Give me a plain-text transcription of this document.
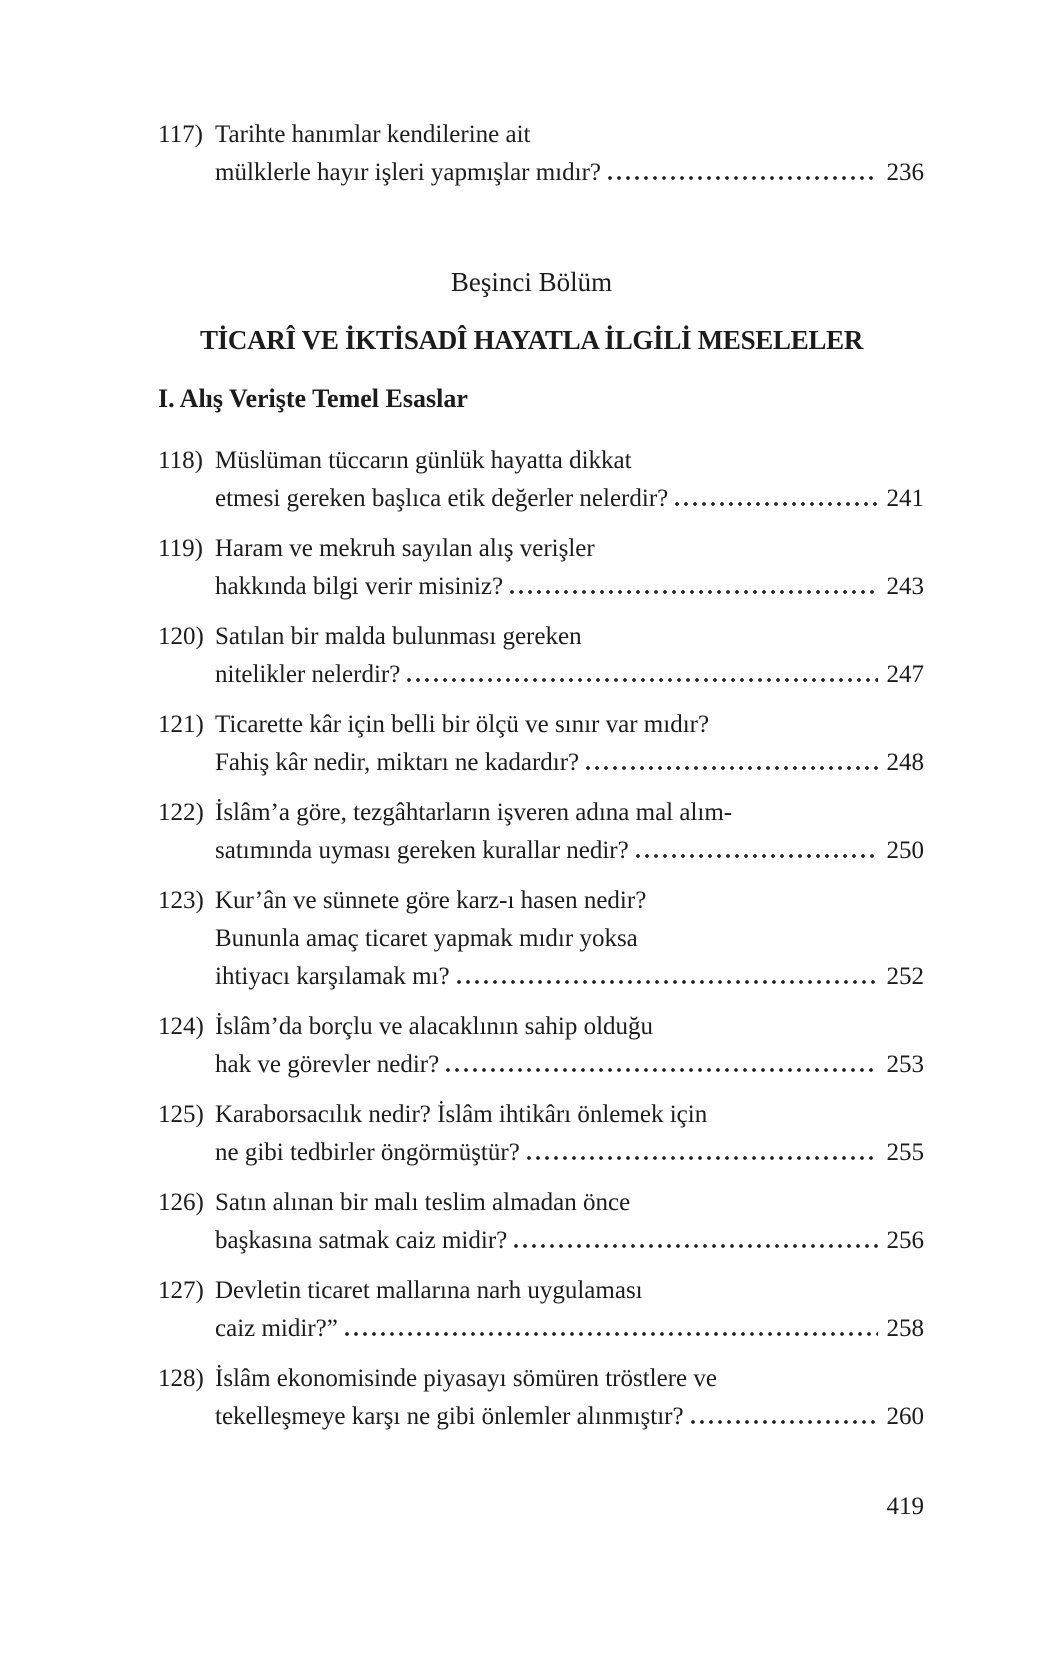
117) Tarihte hanımlar kendilerine ait
mülklerle hayır işleri yapmışlar mıdır?	236
Beşinci Bölüm
TİCARÎ VE İKTİSADÎ HAYATLA İLGİLİ MESELELER
I. Alış Verişte Temel Esaslar
118) Müslüman tüccarın günlük hayatta dikkat
etmesi gereken başlıca etik değerler nelerdir?	241
119) Haram ve mekruh sayılan alış verişler
hakkında bilgi verir misiniz?	243
120) Satılan bir malda bulunması gereken
nitelikler nelerdir?	247
121) Ticarette kâr için belli bir ölçü ve sınır var mıdır?
Fahiş kâr nedir, miktarı ne kadardır?	248
122) İslâm’a göre, tezgâhtarların işveren adına mal alım-
satımında uyması gereken kurallar nedir?	250
123) Kur’ân ve sünnete göre karz-ı hasen nedir?
Bununla amaç ticaret yapmak mıdır yoksa
ihtiyacı karşılamak mı?	252
124) İslâm’da borçlu ve alacaklının sahip olduğu
hak ve görevler nedir?	253
125) Karaborsacılık nedir? İslâm ihtikârı önlemek için
ne gibi tedbirler öngörmüştür?	255
126) Satın alınan bir malı teslim almadan önce
başkasına satmak caiz midir?	256
127) Devletin ticaret mallarına narh uygulaması
caiz midir?”	258
128) İslâm ekonomisinde piyasayı sömüren tröstlere ve
tekelleşmeye karşı ne gibi önlemler alınmıştır?	260
419
